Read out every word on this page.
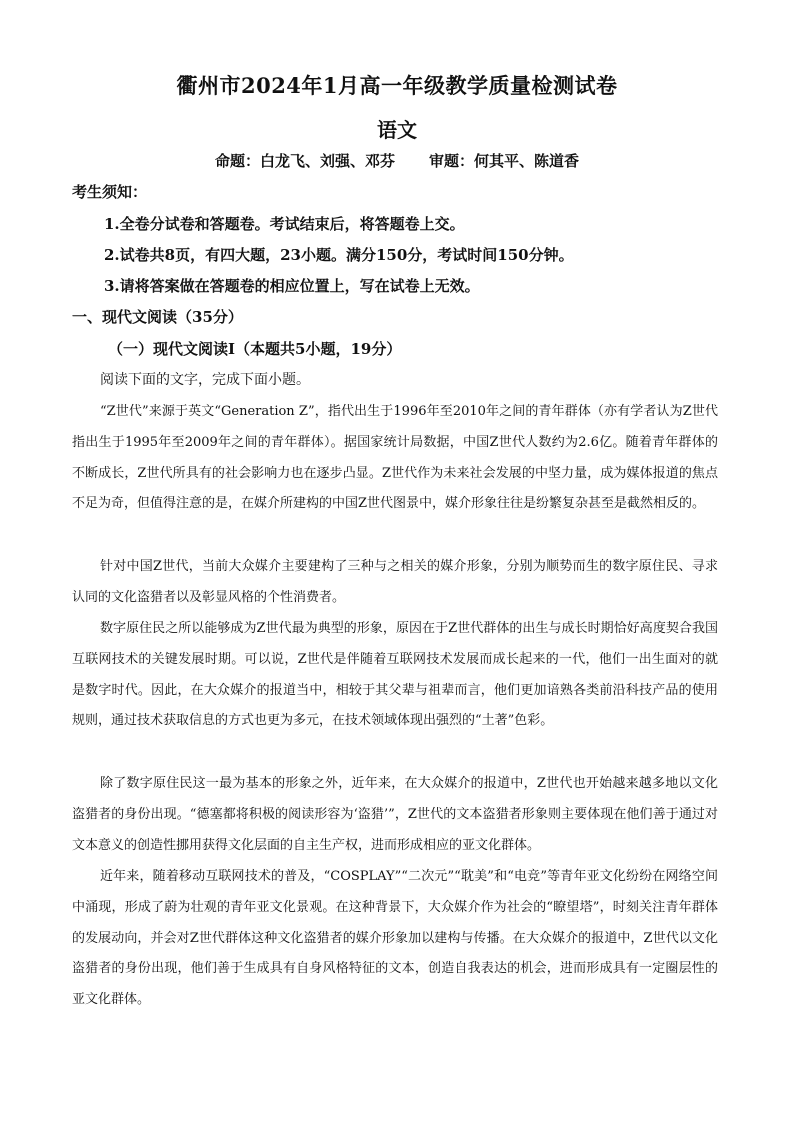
衢州市2024年1月高一年级教学质量检测试卷
语文
命题：白龙飞、刘强、邓芬 审题：何其平、陈道香
考生须知：
1.全卷分试卷和答题卷。考试结束后，将答题卷上交。
2.试卷共8页，有四大题，23小题。满分150分，考试时间150分钟。
3.请将答案做在答题卷的相应位置上，写在试卷上无效。
一、现代文阅读（35分）
（一）现代文阅读Ⅰ（本题共5小题，19分）
阅读下面的文字，完成下面小题。
“Z世代”来源于英文“Generation Z”，指代出生于1996年至2010年之间的青年群体（亦有学者认为Z世代指出生于1995年至2009年之间的青年群体）。据国家统计局数据，中国Z世代人数约为2.6亿。随着青年群体的不断成长，Z世代所具有的社会影响力也在逐步凸显。Z世代作为未来社会发展的中坚力量，成为媒体报道的焦点不足为奇，但值得注意的是，在媒介所建构的中国Z世代图景中，媒介形象往往是纷繁复杂甚至是截然相反的。
针对中国Z世代，当前大众媒介主要建构了三种与之相关的媒介形象，分别为顺势而生的数字原住民、寻求认同的文化盗猎者以及彰显风格的个性消费者。
数字原住民之所以能够成为Z世代最为典型的形象，原因在于Z世代群体的出生与成长时期恰好高度契合我国互联网技术的关键发展时期。可以说，Z世代是伴随着互联网技术发展而成长起来的一代，他们一出生面对的就是数字时代。因此，在大众媒介的报道当中，相较于其父辈与祖辈而言，他们更加谙熟各类前沿科技产品的使用规则，通过技术获取信息的方式也更为多元，在技术领域体现出强烈的“土著”色彩。
除了数字原住民这一最为基本的形象之外，近年来，在大众媒介的报道中，Z世代也开始越来越多地以文化盗猎者的身份出现。“德塞都将积极的阅读形容为‘盗猎’”，Z世代的文本盗猎者形象则主要体现在他们善于通过对文本意义的创造性挪用获得文化层面的自主生产权，进而形成相应的亚文化群体。
近年来，随着移动互联网技术的普及，“COSPLAY”“二次元”“耽美”和“电竞”等青年亚文化纷纷在网络空间中涌现，形成了蔚为壮观的青年亚文化景观。在这种背景下，大众媒介作为社会的“瞭望塔”，时刻关注青年群体的发展动向，并会对Z世代群体这种文化盗猎者的媒介形象加以建构与传播。在大众媒介的报道中，Z世代以文化盗猎者的身份出现，他们善于生成具有自身风格特征的文本，创造自我表达的机会，进而形成具有一定圈层性的亚文化群体。
